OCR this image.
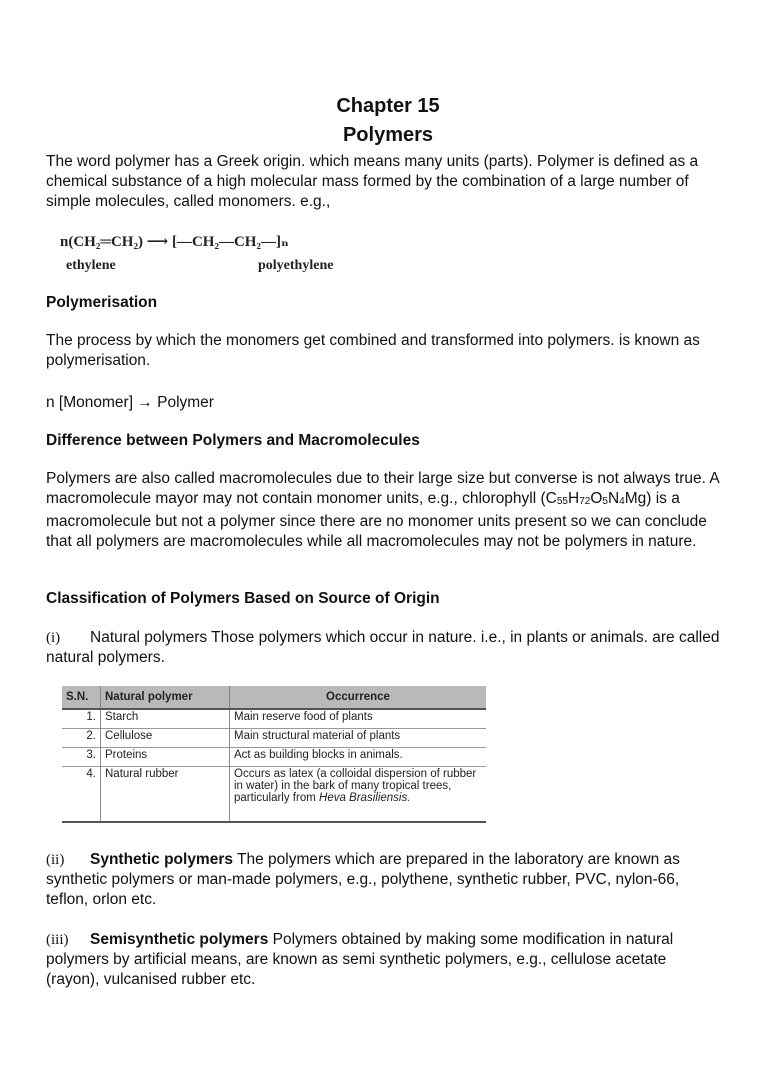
Chapter 15

Polymers

The word polymer has a Greek origin. which means many units (parts). Polymer is defined as a chemical substance of a high molecular mass formed by the combination of a large number of simple molecules, called monomers. e.g.,

n(CH₂═CH₂) ⟶ [—CH₂—CH₂—]ₙ
ethylene	polyethylene

Polymerisation

The process by which the monomers get combined and transformed into polymers. is known as polymerisation.

n [Monomer] → Polymer

Difference between Polymers and Macromolecules

Polymers are also called macromolecules due to their large size but converse is not always true. A macromolecule mayor may not contain monomer units, e.g., chlorophyll $(C_{55}H_{72}O_5N_4Mg)$ is a macromolecule but not a polymer since there are no monomer units present so we can conclude that all polymers are macromolecules while all macromolecules may not be polymers in nature.

Classification of Polymers Based on Source of Origin

(i) Natural polymers Those polymers which occur in nature. i.e., in plants or animals. are called natural polymers.

S.N.	Natural polymer	Occurrence
1.	Starch	Main reserve food of plants
2.	Cellulose	Main structural material of plants
3.	Proteins	Act as building blocks in animals.
4.	Natural rubber	Occurs as latex (a colloidal dispersion of rubber in water) in the bark of many tropical trees, particularly from Heva Brasiliensis.

(ii) Synthetic polymers The polymers which are prepared in the laboratory are known as synthetic polymers or man-made polymers, e.g., polythene, synthetic rubber, PVC, nylon-66, teflon, orlon etc.

(iii) Semisynthetic polymers Polymers obtained by making some modification in natural polymers by artificial means, are known as semi synthetic polymers, e.g., cellulose acetate (rayon), vulcanised rubber etc.
